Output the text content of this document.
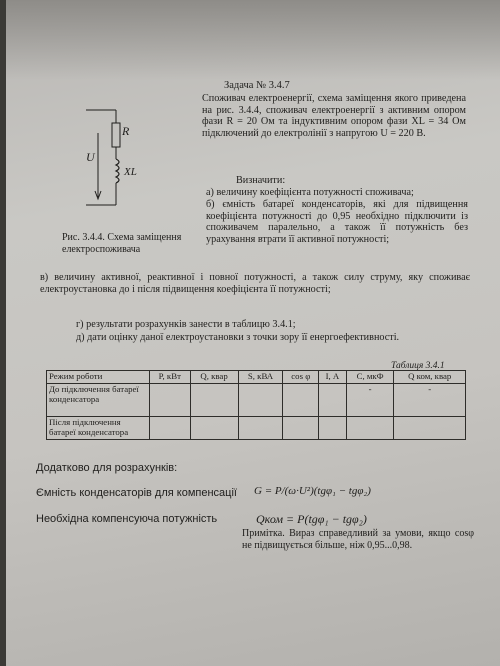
Задача № 3.4.7
Споживач електроенергії, схема заміщення якого приведена на рис. 3.4.4, споживач електроенергії з активним опором фази R = 20 Ом та індуктивним опором фази XL = 34 Ом підключений до електролінії з напругою U = 220 В.
Визначити:
а) величину коефіцієнта потужності споживача;
б) ємність батареї конденсаторів, які для підвищення коефіцієнта потужності до 0,95 необхідно підключити із споживачем паралельно, а також її потужність без урахування втрати її активної потужності;
R
U
XL
Рис. 3.4.4. Схема заміщення електроспоживача
в) величину активної, реактивної і повної потужності, а також силу струму, яку споживає електроустановка до і після підвищення коефіцієнта її потужності;
г) результати розрахунків занести в таблицю 3.4.1;
д) дати оцінку даної електроустановки з точки зору її енергоефективності.
Таблиця 3.4.1
Режим роботи	P, кВт	Q, квар	S, кВА	cos φ	I, А	C, мкФ	Q ком, квар
До підключення батареї конденсатора						-	-
Після підключення батареї конденсатора							
Додатково для розрахунків:
Ємність конденсаторів для компенсації G = P/(ω·U²)(tgφ₁ − tgφ₂)
Необхідна компенсуюча потужність	Qком = P(tgφ₁ − tgφ₂)
Примітка. Вираз справедливий за умови, якщо cosφ не підвищується більше, ніж 0,95...0,98.
